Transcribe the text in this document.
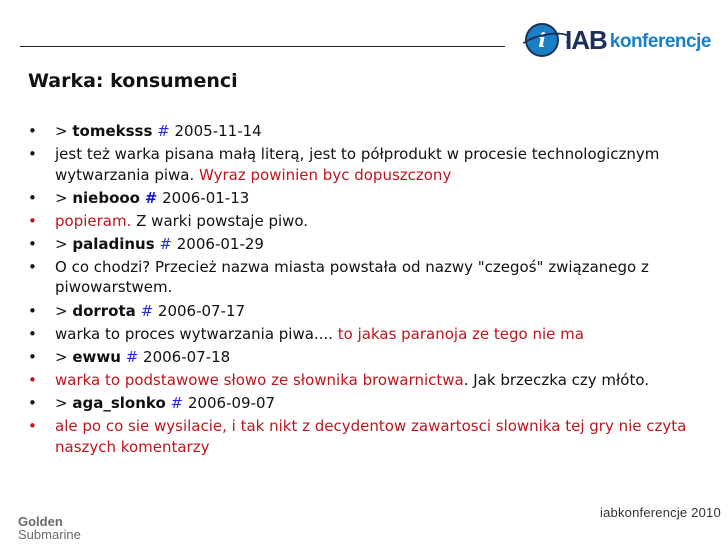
i IAB konferencje
Warka: konsumenci
• > tomeksss # 2005-11-14
• jest też warka pisana małą literą, jest to półprodukt w procesie technologicznym wytwarzania piwa. Wyraz powinien byc dopuszczony
• > niebooo # 2006-01-13
• popieram. Z warki powstaje piwo.
• > paladinus # 2006-01-29
• O co chodzi? Przecież nazwa miasta powstała od nazwy "czegoś" związanego z piwowarstwem.
• > dorrota # 2006-07-17
• warka to proces wytwarzania piwa.... to jakas paranoja ze tego nie ma
• > ewwu # 2006-07-18
• warka to podstawowe słowo ze słownika browarnictwa. Jak brzeczka czy młóto.
• > aga_slonko # 2006-09-07
• ale po co sie wysilacie, i tak nikt z decydentow zawartosci slownika tej gry nie czyta naszych komentarzy
Golden
Submarine
iabkonferencje 2010
